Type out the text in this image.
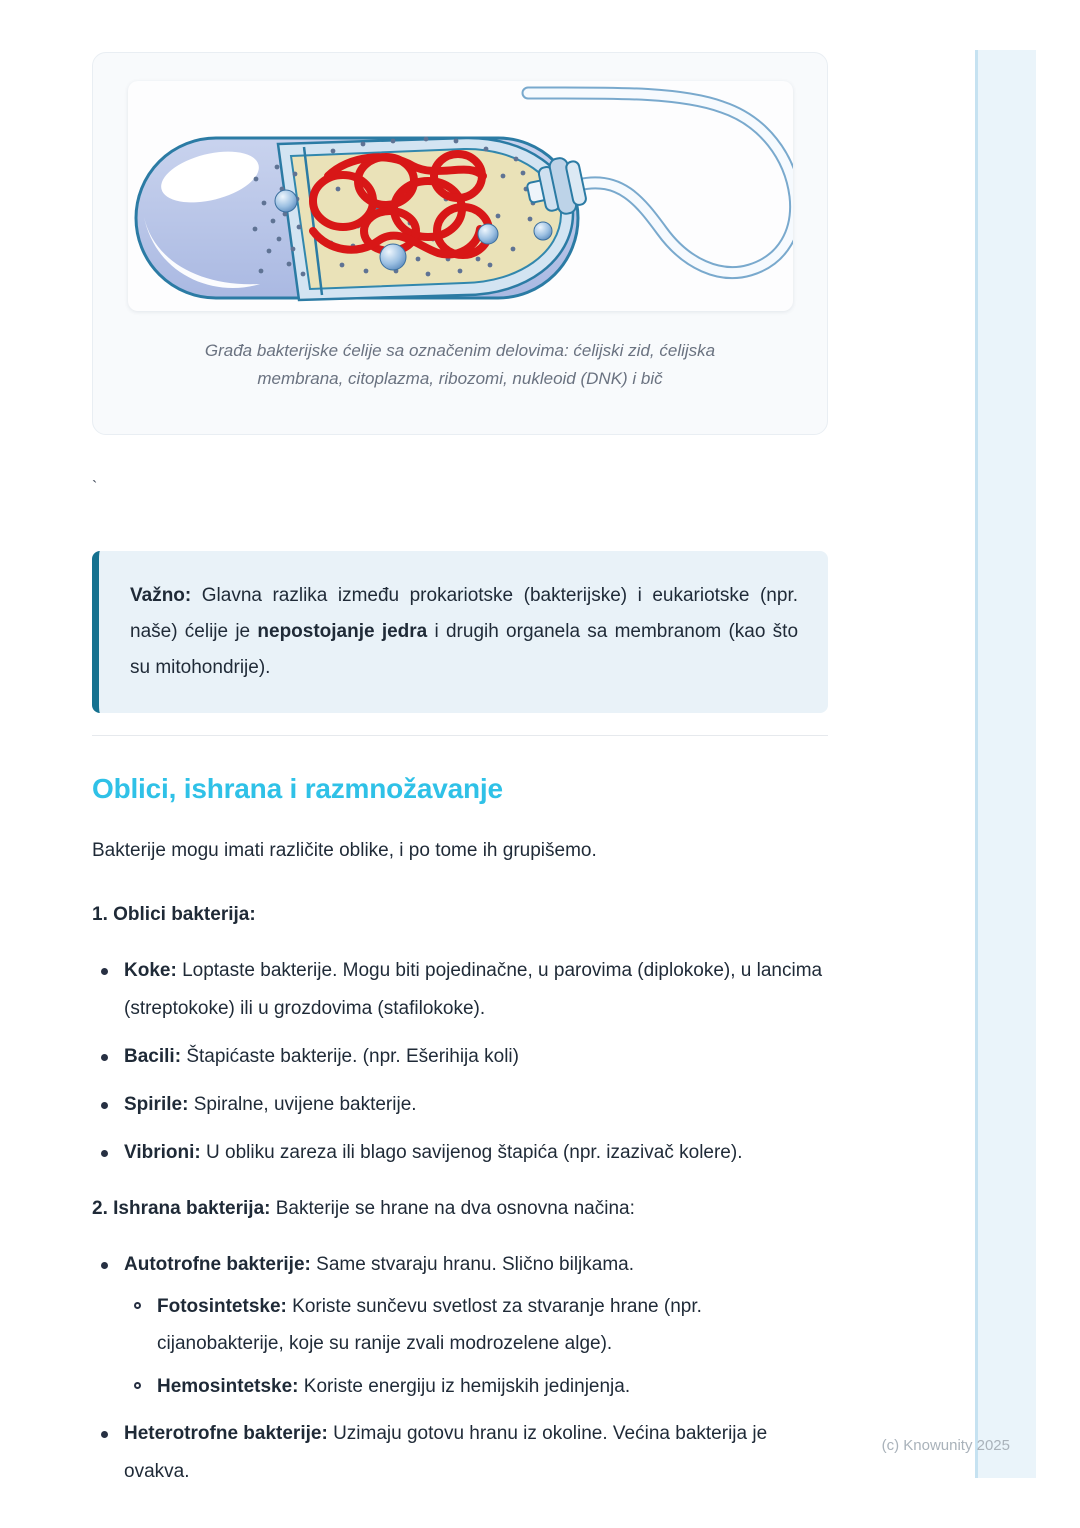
Građa bakterijske ćelije sa označenim delovima: ćelijski zid, ćelijska membrana, citoplazma, ribozomi, nukleoid (DNK) i bič
`

Važno: Glavna razlika između prokariotske (bakterijske) i eukariotske (npr. naše) ćelije je nepostojanje jedra i drugih organela sa membranom (kao što su mitohondrije).

Oblici, ishrana i razmnožavanje

Bakterije mogu imati različite oblike, i po tome ih grupišemo.

1. Oblici bakterija:

Koke: Loptaste bakterije. Mogu biti pojedinačne, u parovima (diplokoke), u lancima (streptokoke) ili u grozdovima (stafilokoke).
Bacili: Štapićaste bakterije. (npr. Ešerihija koli)
Spirile: Spiralne, uvijene bakterije.
Vibrioni: U obliku zareza ili blago savijenog štapića (npr. izazivač kolere).

2. Ishrana bakterija: Bakterije se hrane na dva osnovna načina:

Autotrofne bakterije: Same stvaraju hranu. Slično biljkama.
Fotosintetske: Koriste sunčevu svetlost za stvaranje hrane (npr. cijanobakterije, koje su ranije zvali modrozelene alge).
Hemosintetske: Koriste energiju iz hemijskih jedinjenja.
Heterotrofne bakterije: Uzimaju gotovu hranu iz okoline. Većina bakterija je ovakva.
(c) Knowunity 2025
